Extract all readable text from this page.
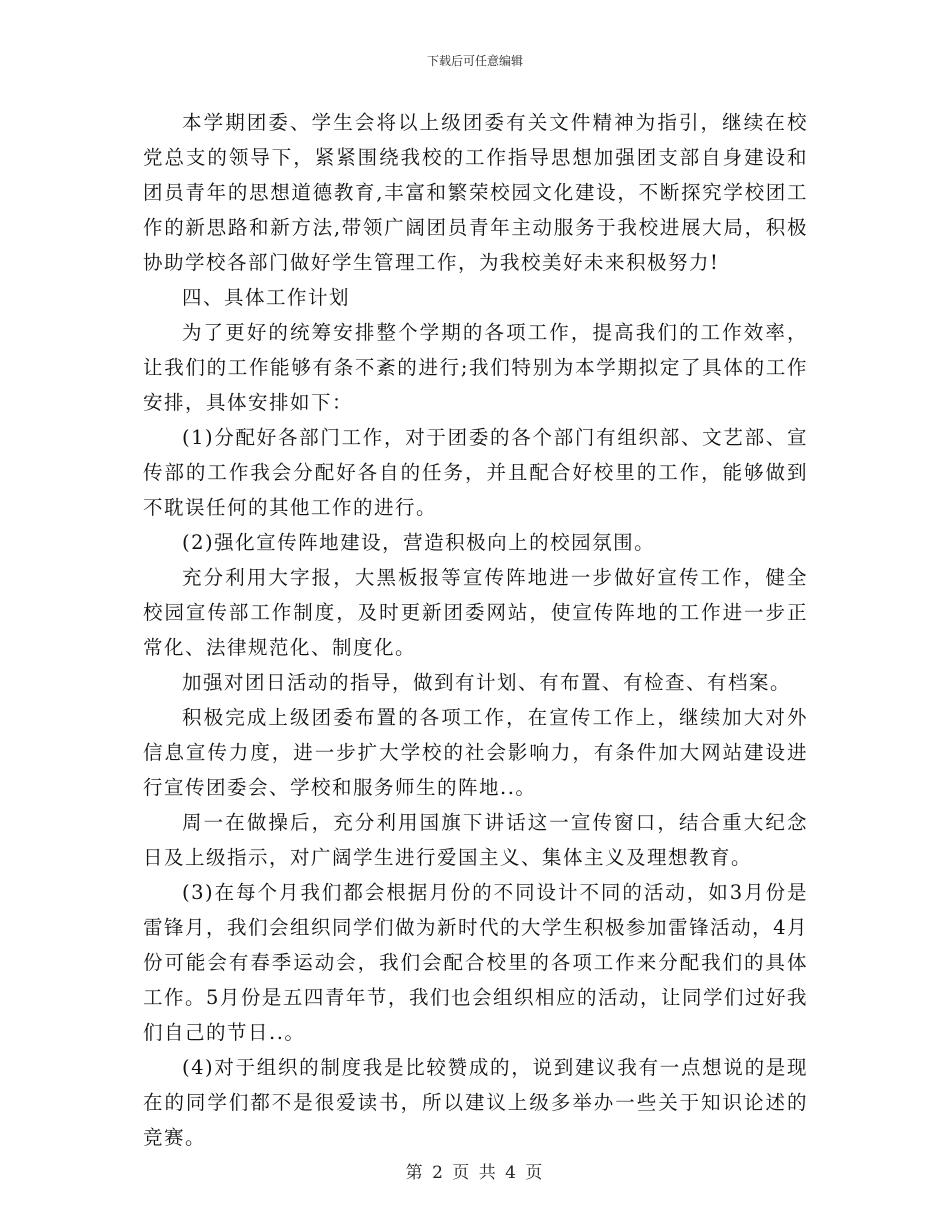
下载后可任意编辑

本学期团委、学生会将以上级团委有关文件精神为指引，继续在校党总支的领导下，紧紧围绕我校的工作指导思想加强团支部自身建设和团员青年的思想道德教育,丰富和繁荣校园文化建设，不断探究学校团工作的新思路和新方法,带领广阔团员青年主动服务于我校进展大局，积极协助学校各部门做好学生管理工作，为我校美好未来积极努力!

四、具体工作计划

为了更好的统筹安排整个学期的各项工作，提高我们的工作效率，让我们的工作能够有条不紊的进行;我们特别为本学期拟定了具体的工作安排，具体安排如下：

(1)分配好各部门工作，对于团委的各个部门有组织部、文艺部、宣传部的工作我会分配好各自的任务，并且配合好校里的工作，能够做到不耽误任何的其他工作的进行。

(2)强化宣传阵地建设，营造积极向上的校园氛围。

充分利用大字报，大黑板报等宣传阵地进一步做好宣传工作，健全校园宣传部工作制度，及时更新团委网站，使宣传阵地的工作进一步正常化、法律规范化、制度化。

加强对团日活动的指导，做到有计划、有布置、有检查、有档案。

积极完成上级团委布置的各项工作，在宣传工作上，继续加大对外信息宣传力度，进一步扩大学校的社会影响力，有条件加大网站建设进行宣传团委会、学校和服务师生的阵地..。

周一在做操后，充分利用国旗下讲话这一宣传窗口，结合重大纪念日及上级指示，对广阔学生进行爱国主义、集体主义及理想教育。

(3)在每个月我们都会根据月份的不同设计不同的活动，如3月份是雷锋月，我们会组织同学们做为新时代的大学生积极参加雷锋活动，4月份可能会有春季运动会，我们会配合校里的各项工作来分配我们的具体工作。5月份是五四青年节，我们也会组织相应的活动，让同学们过好我们自己的节日..。

(4)对于组织的制度我是比较赞成的，说到建议我有一点想说的是现在的同学们都不是很爱读书，所以建议上级多举办一些关于知识论述的竞赛。

第 2 页 共 4 页
